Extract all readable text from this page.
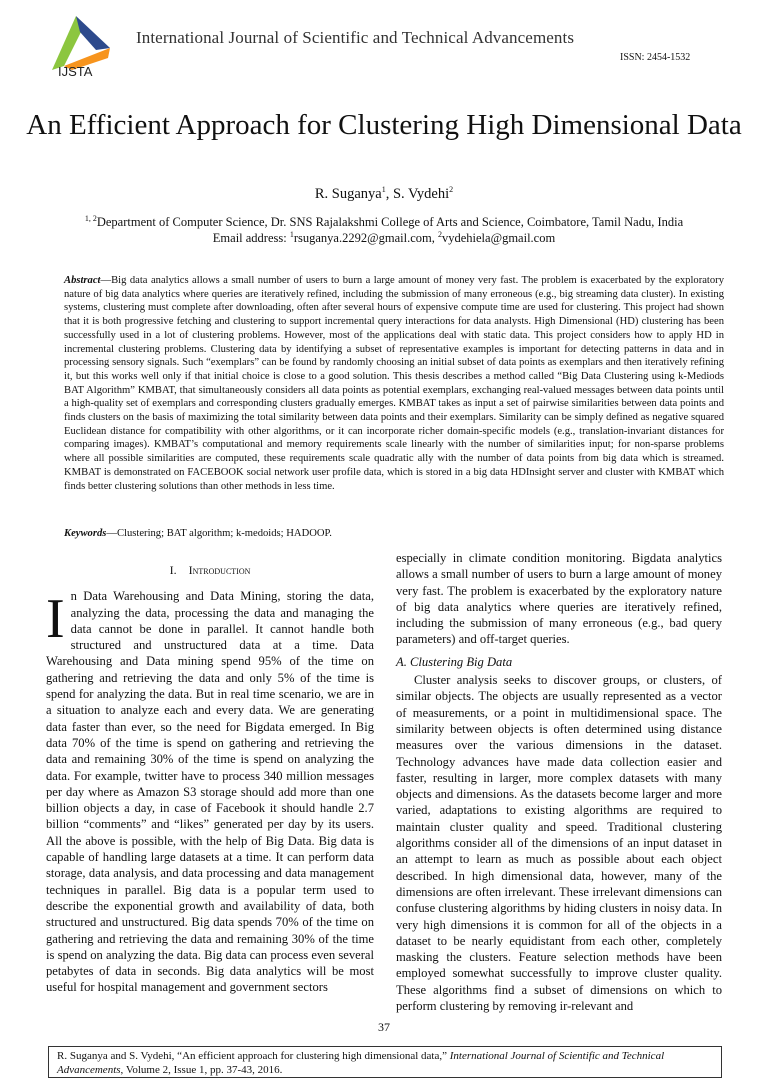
IJSTA
International Journal of Scientific and Technical Advancements
ISSN: 2454-1532
An Efficient Approach for Clustering High Dimensional Data
R. Suganya$^1$, S. Vydehi$^2$
$^{1, 2}$Department of Computer Science, Dr. SNS Rajalakshmi College of Arts and Science, Coimbatore, Tamil Nadu, India
Email address: $^1$rsuganya.2292@gmail.com, $^2$vydehiela@gmail.com
Abstract—Big data analytics allows a small number of users to burn a large amount of money very fast. The problem is exacerbated by the exploratory nature of big data analytics where queries are iteratively refined, including the submission of many erroneous (e.g., big streaming data cluster). In existing systems, clustering must complete after downloading, often after several hours of expensive compute time are used for clustering. This project had shown that it is both progressive fetching and clustering to support incremental query interactions for data analysts. High Dimensional (HD) clustering has been successfully used in a lot of clustering problems. However, most of the applications deal with static data. This project considers how to apply HD in incremental clustering problems. Clustering data by identifying a subset of representative examples is important for detecting patterns in data and in processing sensory signals. Such “exemplars” can be found by randomly choosing an initial subset of data points as exemplars and then iteratively refining it, but this works well only if that initial choice is close to a good solution. This thesis describes a method called “Big Data Clustering using k-Mediods BAT Algorithm” KMBAT, that simultaneously considers all data points as potential exemplars, exchanging real-valued messages between data points until a high-quality set of exemplars and corresponding clusters gradually emerges. KMBAT takes as input a set of pairwise similarities between data points and finds clusters on the basis of maximizing the total similarity between data points and their exemplars. Similarity can be simply defined as negative squared Euclidean distance for compatibility with other algorithms, or it can incorporate richer domain-specific models (e.g., translation-invariant distances for comparing images). KMBAT’s computational and memory requirements scale linearly with the number of similarities input; for non-sparse problems where all possible similarities are computed, these requirements scale quadratic ally with the number of data points from big data which is streamed. KMBAT is demonstrated on FACEBOOK social network user profile data, which is stored in a big data HDInsight server and cluster with KMBAT which finds better clustering solutions than other methods in less time.
Keywords—Clustering; BAT algorithm; k-medoids; HADOOP.
I. Introduction

In Data Warehousing and Data Mining, storing the data, analyzing the data, processing the data and managing the data cannot be done in parallel. It cannot handle both structured and unstructured data at a time. Data Warehousing and Data mining spend 95% of the time on gathering and retrieving the data and only 5% of the time is spend for analyzing the data. But in real time scenario, we are in a situation to analyze each and every data. We are generating data faster than ever, so the need for Bigdata emerged. In Big data 70% of the time is spend on gathering and retrieving the data and remaining 30% of the time is spend on analyzing the data. For example, twitter have to process 340 million messages per day where as Amazon S3 storage should add more than one billion objects a day, in case of Facebook it should handle 2.7 billion “comments” and “likes” generated per day by its users. All the above is possible, with the help of Big Data. Big data is capable of handling large datasets at a time. It can perform data storage, data analysis, and data processing and data management techniques in parallel. Big data is a popular term used to describe the exponential growth and availability of data, both structured and unstructured. Big data spends 70% of the time on gathering and retrieving the data and remaining 30% of the time is spend on analyzing the data. Big data can process even several petabytes of data in seconds. Big data analytics will be most useful for hospital management and government sectors

especially in climate condition monitoring. Bigdata analytics allows a small number of users to burn a large amount of money very fast. The problem is exacerbated by the exploratory nature of big data analytics where queries are iteratively refined, including the submission of many erroneous (e.g., bad query parameters) and off-target queries.

A. Clustering Big Data

Cluster analysis seeks to discover groups, or clusters, of similar objects. The objects are usually represented as a vector of measurements, or a point in multidimensional space. The similarity between objects is often determined using distance measures over the various dimensions in the dataset. Technology advances have made data collection easier and faster, resulting in larger, more complex datasets with many objects and dimensions. As the datasets become larger and more varied, adaptations to existing algorithms are required to maintain cluster quality and speed. Traditional clustering algorithms consider all of the dimensions of an input dataset in an attempt to learn as much as possible about each object described. In high dimensional data, however, many of the dimensions are often irrelevant. These irrelevant dimensions can confuse clustering algorithms by hiding clusters in noisy data. In very high dimensions it is common for all of the objects in a dataset to be nearly equidistant from each other, completely masking the clusters. Feature selection methods have been employed somewhat successfully to improve cluster quality. These algorithms find a subset of dimensions on which to perform clustering by removing ir-relevant and

37
R. Suganya and S. Vydehi, “An efficient approach for clustering high dimensional data,” International Journal of Scientific and Technical Advancements, Volume 2, Issue 1, pp. 37-43, 2016.
